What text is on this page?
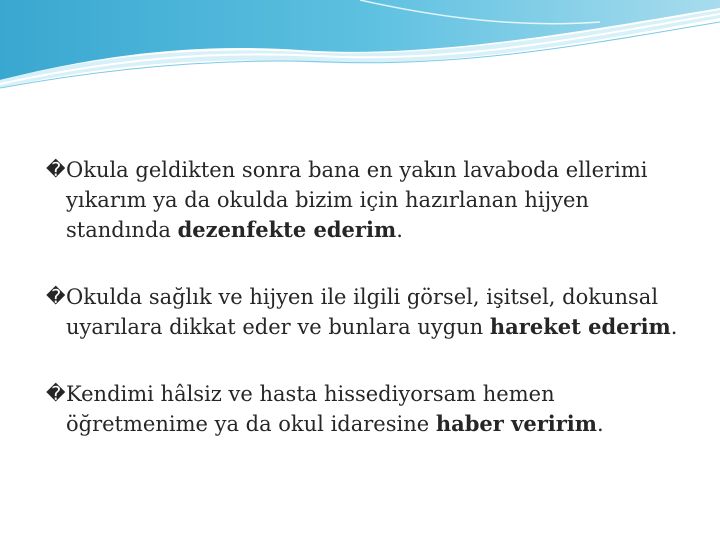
� Okula geldikten sonra bana en yakın lavaboda ellerimi yıkarım ya da okulda bizim için hazırlanan hijyen standında dezenfekte ederim.
� Okulda sağlık ve hijyen ile ilgili görsel, işitsel, dokunsal uyarılara dikkat eder ve bunlara uygun hareket ederim.
� Kendimi hâlsiz ve hasta hissediyorsam hemen öğretmenime ya da okul idaresine haber veririm.
